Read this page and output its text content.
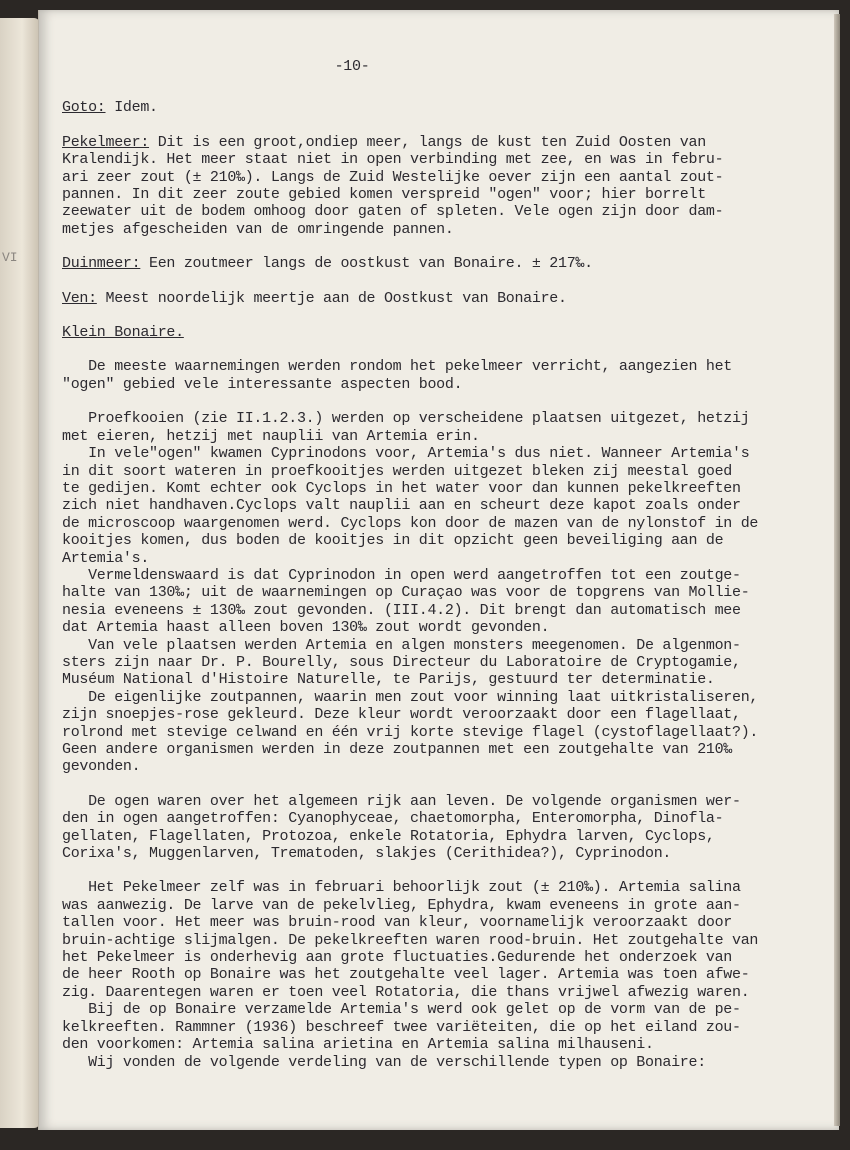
VI
-10-
Goto: Idem.
Pekelmeer: Dit is een groot,ondiep meer, langs de kust ten Zuid Oosten van
Kralendijk. Het meer staat niet in open verbinding met zee, en was in febru-
ari zeer zout (± 210‰). Langs de Zuid Westelijke oever zijn een aantal zout-
pannen. In dit zeer zoute gebied komen verspreid "ogen" voor; hier borrelt
zeewater uit de bodem omhoog door gaten of spleten. Vele ogen zijn door dam-
metjes afgescheiden van de omringende pannen.
Duinmeer: Een zoutmeer langs de oostkust van Bonaire. ± 217‰.
Ven: Meest noordelijk meertje aan de Oostkust van Bonaire.
Klein Bonaire.
De meeste waarnemingen werden rondom het pekelmeer verricht, aangezien het
"ogen" gebied vele interessante aspecten bood.
Proefkooien (zie II.1.2.3.) werden op verscheidene plaatsen uitgezet, hetzij
met eieren, hetzij met nauplii van Artemia erin.
In vele"ogen" kwamen Cyprinodons voor, Artemia's dus niet. Wanneer Artemia's
in dit soort wateren in proefkooitjes werden uitgezet bleken zij meestal goed
te gedijen. Komt echter ook Cyclops in het water voor dan kunnen pekelkreeften
zich niet handhaven.Cyclops valt nauplii aan en scheurt deze kapot zoals onder
de microscoop waargenomen werd. Cyclops kon door de mazen van de nylonstof in de
kooitjes komen, dus boden de kooitjes in dit opzicht geen beveiliging aan de
Artemia's.
Vermeldenswaard is dat Cyprinodon in open werd aangetroffen tot een zoutge-
halte van 130‰; uit de waarnemingen op Curaçao was voor de topgrens van Mollie-
nesia eveneens ± 130‰ zout gevonden. (III.4.2). Dit brengt dan automatisch mee
dat Artemia haast alleen boven 130‰ zout wordt gevonden.
Van vele plaatsen werden Artemia en algen monsters meegenomen. De algenmon-
sters zijn naar Dr. P. Bourelly, sous Directeur du Laboratoire de Cryptogamie,
Muséum National d'Histoire Naturelle, te Parijs, gestuurd ter determinatie.
De eigenlijke zoutpannen, waarin men zout voor winning laat uitkristaliseren,
zijn snoepjes-rose gekleurd. Deze kleur wordt veroorzaakt door een flagellaat,
rolrond met stevige celwand en één vrij korte stevige flagel (cystoflagellaat?).
Geen andere organismen werden in deze zoutpannen met een zoutgehalte van 210‰
gevonden.
De ogen waren over het algemeen rijk aan leven. De volgende organismen wer-
den in ogen aangetroffen: Cyanophyceae, chaetomorpha, Enteromorpha, Dinofla-
gellaten, Flagellaten, Protozoa, enkele Rotatoria, Ephydra larven, Cyclops,
Corixa's, Muggenlarven, Trematoden, slakjes (Cerithidea?), Cyprinodon.
Het Pekelmeer zelf was in februari behoorlijk zout (± 210‰). Artemia salina
was aanwezig. De larve van de pekelvlieg, Ephydra, kwam eveneens in grote aan-
tallen voor. Het meer was bruin-rood van kleur, voornamelijk veroorzaakt door
bruin-achtige slijmalgen. De pekelkreeften waren rood-bruin. Het zoutgehalte van
het Pekelmeer is onderhevig aan grote fluctuaties.Gedurende het onderzoek van
de heer Rooth op Bonaire was het zoutgehalte veel lager. Artemia was toen afwe-
zig. Daarentegen waren er toen veel Rotatoria, die thans vrijwel afwezig waren.
Bij de op Bonaire verzamelde Artemia's werd ook gelet op de vorm van de pe-
kelkreeften. Rammner (1936) beschreef twee variëteiten, die op het eiland zou-
den voorkomen: Artemia salina arietina en Artemia salina milhauseni.
Wij vonden de volgende verdeling van de verschillende typen op Bonaire:
